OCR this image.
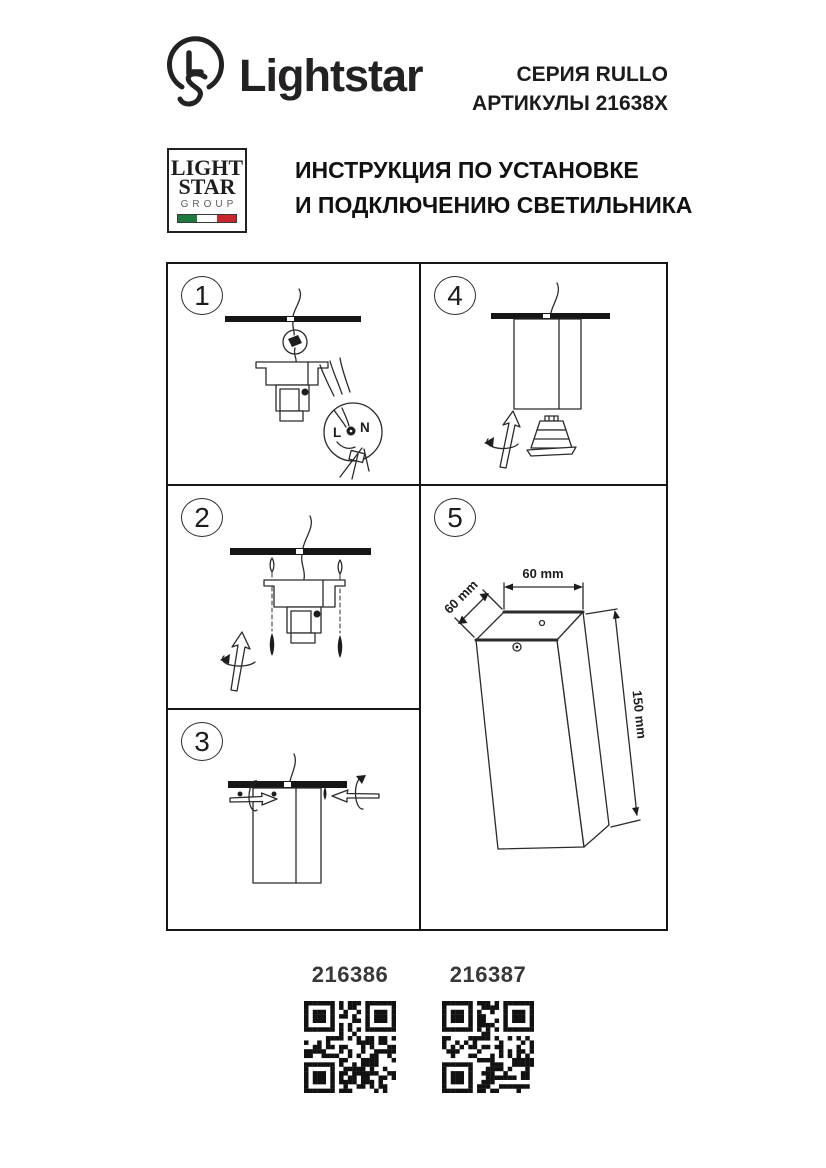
Lightstar	СЕРИЯ RULLO
АРТИКУЛЫ 21638X
LIGHT
STAR
GROUP
ИНСТРУКЦИЯ ПО УСТАНОВКЕ
И ПОДКЛЮЧЕНИЮ СВЕТИЛЬНИКА
1
L N
2
3
4
5
60 mm
60 mm
150 mm
216386	216387
